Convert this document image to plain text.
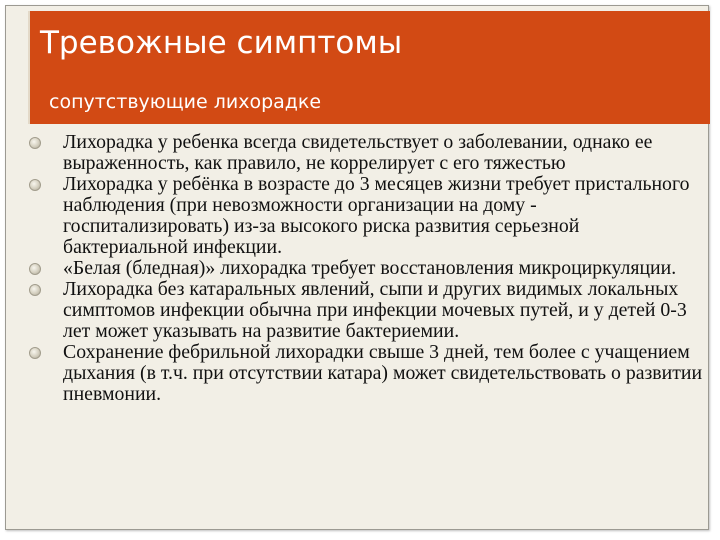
Тревожные симптомы
сопутствующие лихорадке
Лихорадка у ребенка всегда свидетельствует о заболевании, однако ее выраженность, как правило, не коррелирует с его тяжестью
Лихорадка у ребёнка в возрасте до 3 месяцев жизни требует пристального наблюдения (при невозможности организации на дому - госпитализировать) из-за высокого риска развития серьезной бактериальной инфекции.
«Белая (бледная)» лихорадка требует восстановления микроциркуляции.
Лихорадка без катаральных явлений, сыпи и других видимых локальных симптомов инфекции обычна при инфекции мочевых путей, и у детей 0-3 лет может указывать на развитие бактериемии.
Сохранение фебрильной лихорадки свыше 3 дней, тем более с учащением дыхания (в т.ч. при отсутствии катара) может свидетельствовать о развитии пневмонии.
